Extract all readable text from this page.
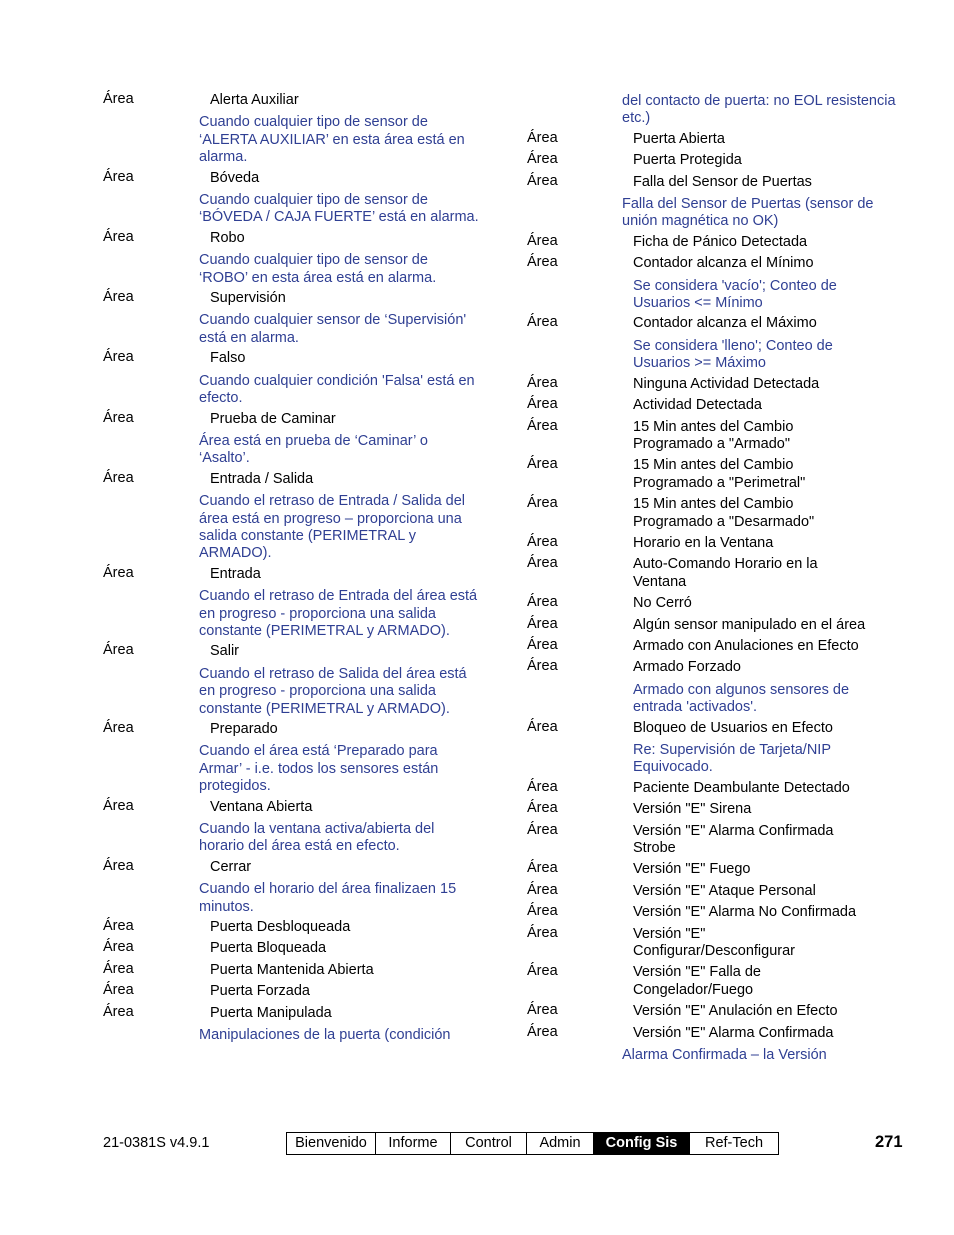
Área	Alerta Auxiliar
Cuando cualquier tipo de sensor de ‘ALERTA AUXILIAR’ en esta área está en alarma.
Área	Bóveda
Cuando cualquier tipo de sensor de ‘BÓVEDA / CAJA FUERTE’ está en alarma.
Área	Robo
Cuando cualquier tipo de sensor de ‘ROBO’ en esta área está en alarma.
Área	Supervisión
Cuando cualquier sensor de ‘Supervisión' está en alarma.
Área	Falso
Cuando cualquier condición 'Falsa' está en efecto.
Área	Prueba de Caminar
Área está en prueba de ‘Caminar’ o ‘Asalto’.
Área	Entrada / Salida
Cuando el retraso de Entrada / Salida del área está en progreso – proporciona una salida constante (PERIMETRAL y ARMADO).
Área	Entrada
Cuando el retraso de Entrada del área está en progreso - proporciona una salida constante (PERIMETRAL y ARMADO).
Área	Salir
Cuando el retraso de Salida del área está en progreso - proporciona una salida constante (PERIMETRAL y ARMADO).
Área	Preparado
Cuando el área está ‘Preparado para Armar’ - i.e. todos los sensores están protegidos.
Área	Ventana Abierta
Cuando la ventana activa/abierta del horario del área está en efecto.
Área	Cerrar
Cuando el horario del área finalizaen 15 minutos.
Área	Puerta Desbloqueada
Área	Puerta Bloqueada
Área	Puerta Mantenida Abierta
Área	Puerta Forzada
Área	Puerta Manipulada
Manipulaciones de la puerta (condición
del contacto de puerta: no EOL resistencia etc.)
Área	Puerta Abierta
Área	Puerta Protegida
Área	Falla del Sensor de Puertas
Falla del Sensor de Puertas (sensor de unión magnética no OK)
Área	Ficha de Pánico Detectada
Área	Contador alcanza el Mínimo
Se considera 'vacío'; Conteo de Usuarios <= Mínimo
Área	Contador alcanza el Máximo
Se considera 'lleno'; Conteo de Usuarios >= Máximo
Área	Ninguna Actividad Detectada
Área	Actividad Detectada
Área	15 Min antes del Cambio Programado a "Armado"
Área	15 Min antes del Cambio Programado a "Perimetral"
Área	15 Min antes del Cambio Programado a "Desarmado"
Área	Horario en la Ventana
Área	Auto-Comando Horario en la Ventana
Área	No Cerró
Área	Algún sensor manipulado en el área
Área	Armado con Anulaciones en Efecto
Área	Armado Forzado
Armado con algunos sensores de entrada 'activados'.
Área	Bloqueo de Usuarios en Efecto
Re: Supervisión de Tarjeta/NIP Equivocado.
Área	Paciente Deambulante Detectado
Área	Versión "E" Sirena
Área	Versión "E" Alarma Confirmada Strobe
Área	Versión "E" Fuego
Área	Versión "E" Ataque Personal
Área	Versión "E" Alarma No Confirmada
Área	Versión "E" Configurar/Desconfigurar
Área	Versión "E" Falla de Congelador/Fuego
Área	Versión "E" Anulación en Efecto
Área	Versión "E" Alarma Confirmada
Alarma Confirmada – la Versión
21-0381S v4.9.1	Bienvenido	Informe	Control	Admin	Config Sis	Ref-Tech	271
